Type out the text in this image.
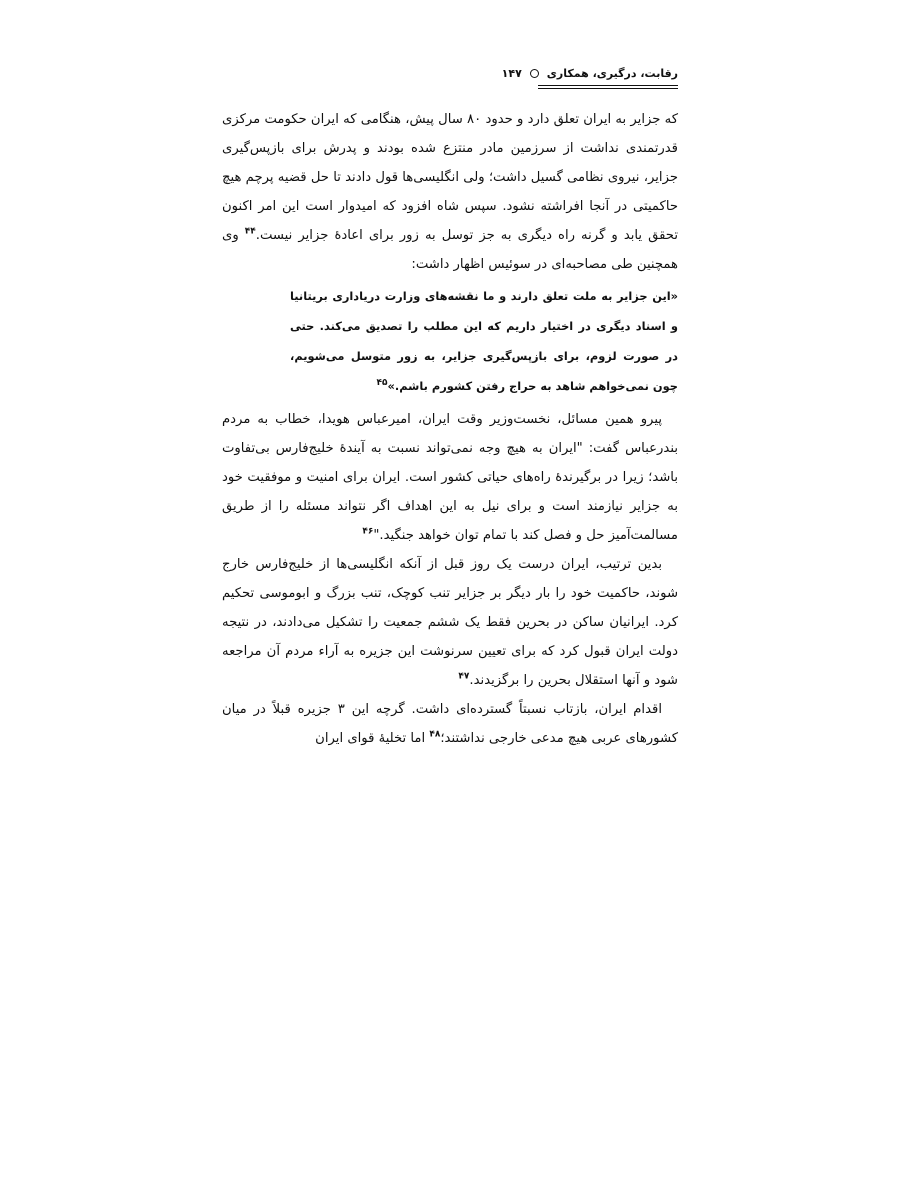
رقابت، درگیری، همکاری
۱۴۷

که جزایر به ایران تعلق دارد و حدود ۸۰ سال پیش، هنگامی که ایران حکومت مرکزی قدرتمندی نداشت از سرزمین مادر منتزع شده بودند و پدرش برای بازپس‌گیری جزایر، نیروی نظامی گسیل داشت؛ ولی انگلیسی‌ها قول دادند تا حل قضیه پرچم هیچ حاکمیتی در آنجا افراشته نشود. سپس شاه افزود که امیدوار است این امر اکنون تحقق یابد و گرنه راه دیگری به جز توسل به زور برای اعادهٔ جزایر نیست.$^{۴۴}$ وی همچنین طی مصاحبه‌ای در سوئیس اظهار داشت:

«این جزایر به ملت تعلق دارند و ما نقشه‌های وزارت دریاداری بریتانیا و اسناد دیگری در اختیار داریم که این مطلب را تصدیق می‌کند. حتی در صورت لزوم، برای بازپس‌گیری جزایر، به زور متوسل می‌شویم، چون نمی‌خواهم شاهد به حراج رفتن کشورم باشم.»$^{۴۵}$

پیرو همین مسائل، نخست‌وزیر وقت ایران، امیرعباس هویدا، خطاب به مردم بندرعباس گفت: "ایران به هیچ وجه نمی‌تواند نسبت به آیندهٔ خلیج‌فارس بی‌تفاوت باشد؛ زیرا در برگیرندهٔ راه‌های حیاتی کشور است. ایران برای امنیت و موفقیت خود به جزایر نیازمند است و برای نیل به این اهداف اگر نتواند مسئله را از طریق مسالمت‌آمیز حل و فصل کند با تمام توان خواهد جنگید."$^{۴۶}$

بدین ترتیب، ایران درست یک روز قبل از آنکه انگلیسی‌ها از خلیج‌فارس خارج شوند، حاکمیت خود را بار دیگر بر جزایر تنب کوچک، تنب بزرگ و ابوموسی تحکیم کرد. ایرانیان ساکن در بحرین فقط یک ششم جمعیت را تشکیل می‌دادند، در نتیجه دولت ایران قبول کرد که برای تعیین سرنوشت این جزیره به آراء مردم آن مراجعه شود و آنها استقلال بحرین را برگزیدند.$^{۴۷}$

اقدام ایران، بازتاب نسبتاً گسترده‌ای داشت. گرچه این ۳ جزیره قبلاً در میان کشورهای عربی هیچ مدعی خارجی نداشتند؛$^{۴۸}$ اما تخلیهٔ قوای ایران
